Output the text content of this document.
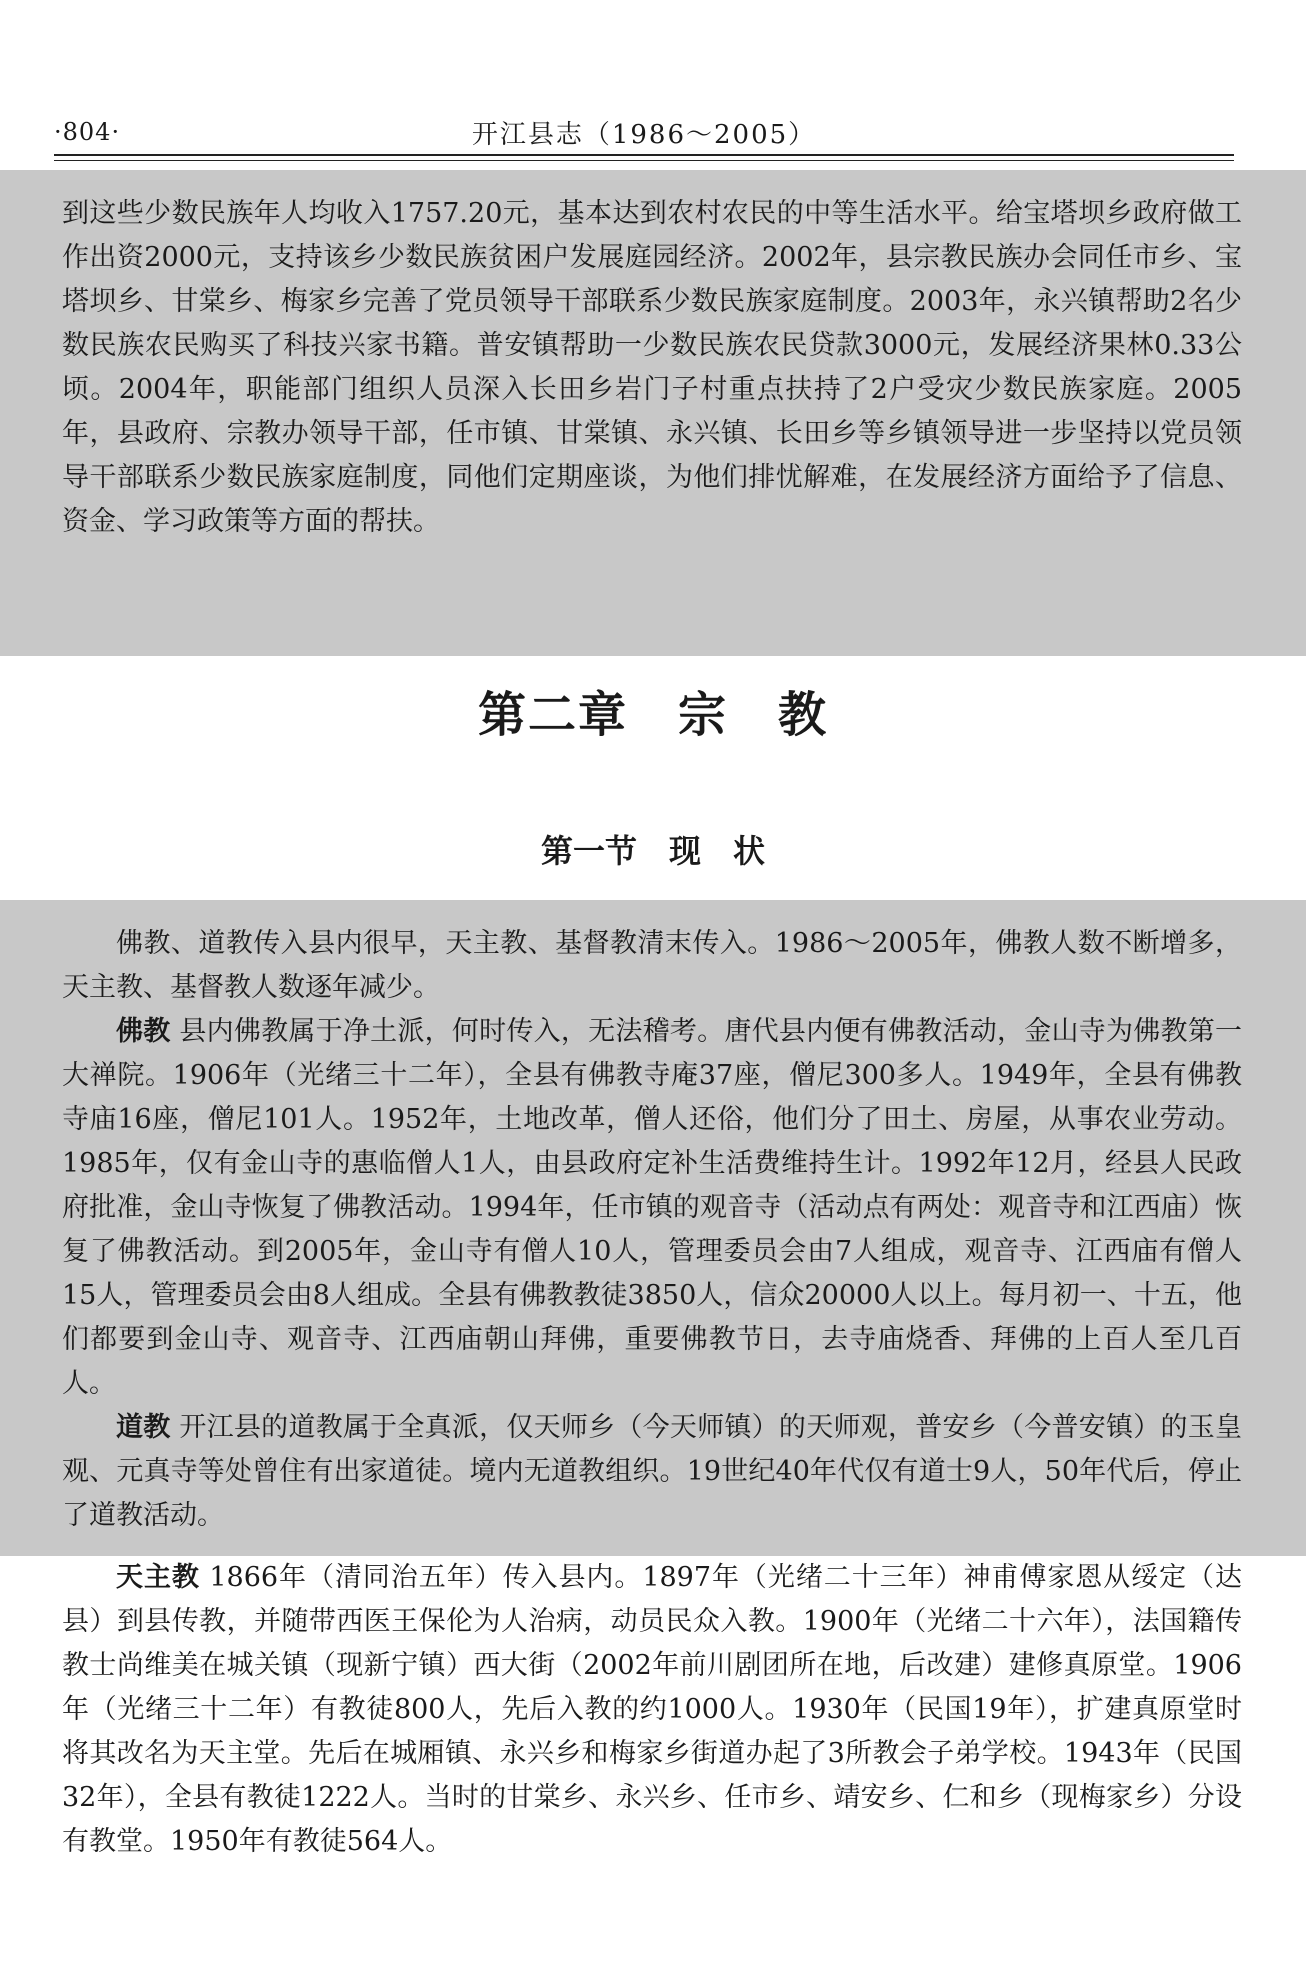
·804·	开江县志（1986～2005）

到这些少数民族年人均收入1757.20元，基本达到农村农民的中等生活水平。给宝塔坝乡政府做工作出资2000元，支持该乡少数民族贫困户发展庭园经济。2002年，县宗教民族办会同任市乡、宝塔坝乡、甘棠乡、梅家乡完善了党员领导干部联系少数民族家庭制度。2003年，永兴镇帮助2名少数民族农民购买了科技兴家书籍。普安镇帮助一少数民族农民贷款3000元，发展经济果林0.33公顷。2004年，职能部门组织人员深入长田乡岩门子村重点扶持了2户受灾少数民族家庭。2005年，县政府、宗教办领导干部，任市镇、甘棠镇、永兴镇、长田乡等乡镇领导进一步坚持以党员领导干部联系少数民族家庭制度，同他们定期座谈，为他们排忧解难，在发展经济方面给予了信息、资金、学习政策等方面的帮扶。

第二章　宗　教
第一节　现　状

佛教、道教传入县内很早，天主教、基督教清末传入。1986～2005年，佛教人数不断增多，天主教、基督教人数逐年减少。

佛教 县内佛教属于净土派，何时传入，无法稽考。唐代县内便有佛教活动，金山寺为佛教第一大禅院。1906年（光绪三十二年），全县有佛教寺庵37座，僧尼300多人。1949年，全县有佛教寺庙16座，僧尼101人。1952年，土地改革，僧人还俗，他们分了田土、房屋，从事农业劳动。1985年，仅有金山寺的惠临僧人1人，由县政府定补生活费维持生计。1992年12月，经县人民政府批准，金山寺恢复了佛教活动。1994年，任市镇的观音寺（活动点有两处：观音寺和江西庙）恢复了佛教活动。到2005年，金山寺有僧人10人，管理委员会由7人组成，观音寺、江西庙有僧人15人，管理委员会由8人组成。全县有佛教教徒3850人，信众20000人以上。每月初一、十五，他们都要到金山寺、观音寺、江西庙朝山拜佛，重要佛教节日，去寺庙烧香、拜佛的上百人至几百人。

道教 开江县的道教属于全真派，仅天师乡（今天师镇）的天师观，普安乡（今普安镇）的玉皇观、元真寺等处曾住有出家道徒。境内无道教组织。19世纪40年代仅有道士9人，50年代后，停止了道教活动。

天主教 1866年（清同治五年）传入县内。1897年（光绪二十三年）神甫傅家恩从绥定（达县）到县传教，并随带西医王保伦为人治病，动员民众入教。1900年（光绪二十六年），法国籍传教士尚维美在城关镇（现新宁镇）西大街（2002年前川剧团所在地，后改建）建修真原堂。1906年（光绪三十二年）有教徒800人，先后入教的约1000人。1930年（民国19年），扩建真原堂时将其改名为天主堂。先后在城厢镇、永兴乡和梅家乡街道办起了3所教会子弟学校。1943年（民国32年），全县有教徒1222人。当时的甘棠乡、永兴乡、任市乡、靖安乡、仁和乡（现梅家乡）分设有教堂。1950年有教徒564人。
